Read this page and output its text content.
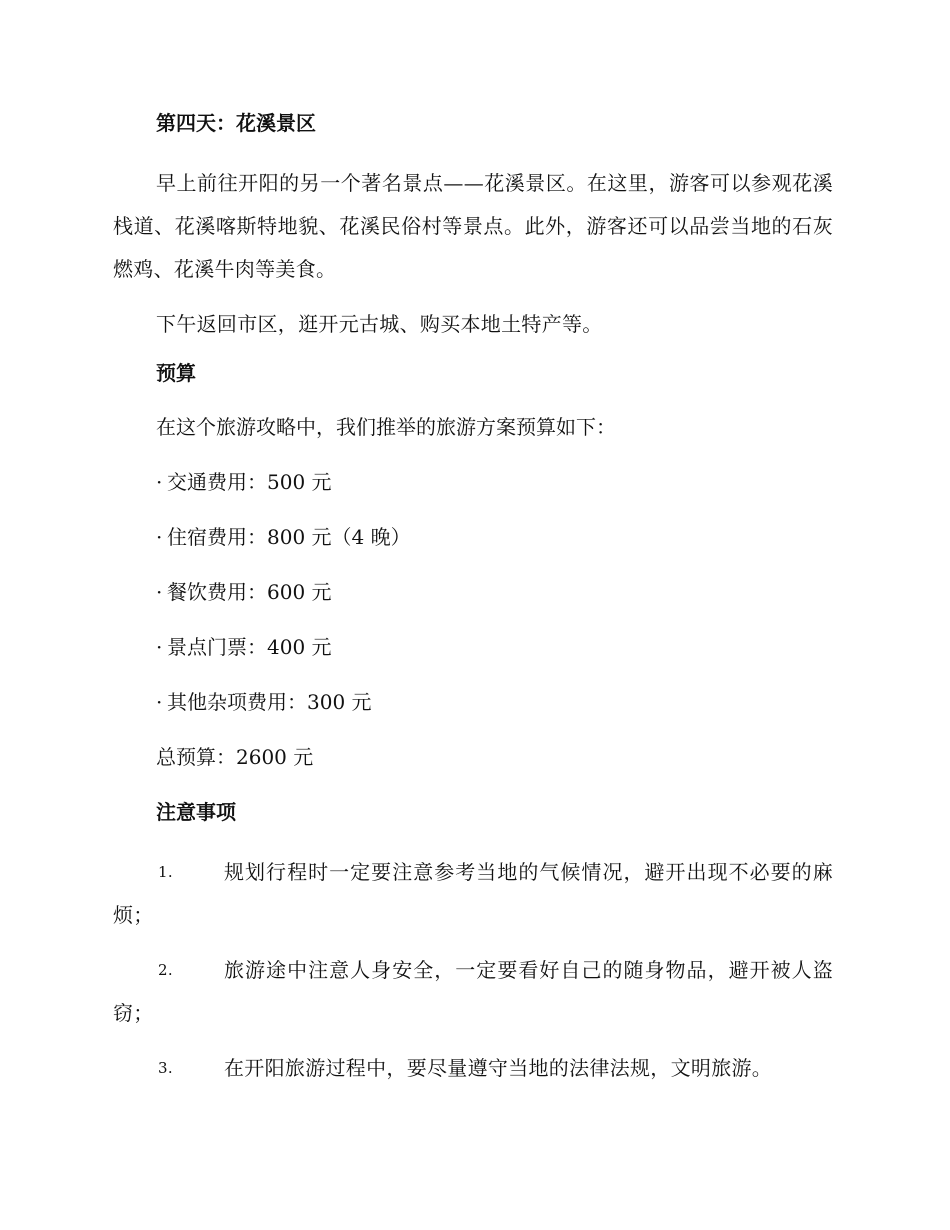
第四天：花溪景区

早上前往开阳的另一个著名景点——花溪景区。在这里，游客可以参观花溪栈道、花溪喀斯特地貌、花溪民俗村等景点。此外，游客还可以品尝当地的石灰燃鸡、花溪牛肉等美食。

下午返回市区，逛开元古城、购买本地土特产等。

预算
在这个旅游攻略中，我们推举的旅游方案预算如下：
· 交通费用：500 元
· 住宿费用：800 元（4 晚）
· 餐饮费用：600 元
· 景点门票：400 元
· 其他杂项费用：300 元
总预算：2600 元
注意事项
1.	规划行程时一定要注意参考当地的气候情况，避开出现不必要的麻烦；
2.	旅游途中注意人身安全，一定要看好自己的随身物品，避开被人盗窃；
3.	在开阳旅游过程中，要尽量遵守当地的法律法规，文明旅游。
